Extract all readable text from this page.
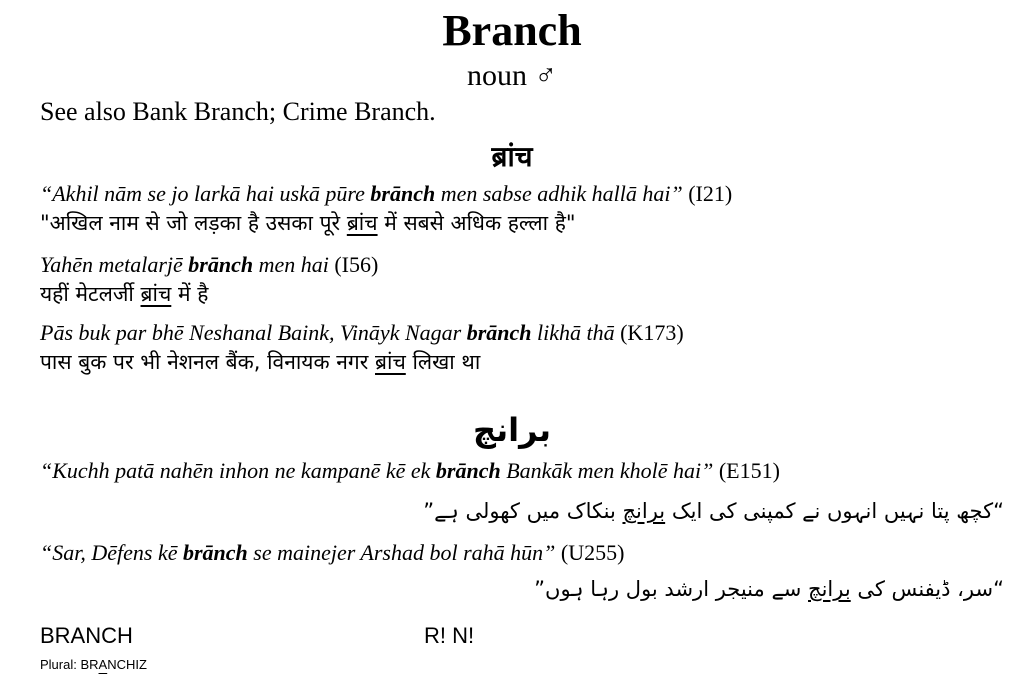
Branch
noun ♂
See also Bank Branch; Crime Branch.
ब्रांच
“Akhil nām se jo larkā hai uskā pūre brānch men sabse adhik hallā hai” (I21)
"अखिल नाम से जो लड़का है उसका पूरे ब्रांच में सबसे अधिक हल्ला है"
Yahēn metalarjē brānch men hai (I56)
यहीं मेटलर्जी ब्रांच में है
Pās buk par bhē Neshanal Baink, Vināyk Nagar brānch likhā thā (K173)
पास बुक पर भी नेशनल बैंक, विनायक नगर ब्रांच लिखा था
برانچ
“Kuchh patā nahēn inhon ne kampanē kē ek brānch Bankāk men kholē hai” (E151)
“کچھ پتا نہیں انہوں نے کمپنی کی ایک برانچ بنکاک میں کھولی ہے”
“Sar, Dēfens kē brānch se mainejer Arshad bol rahā hūn” (U255)
“سر، ڈیفنس کی برانچ سے منیجر ارشد بول رہا ہوں”
BRANCH	R! N!
Plural: BRANCHIZ
